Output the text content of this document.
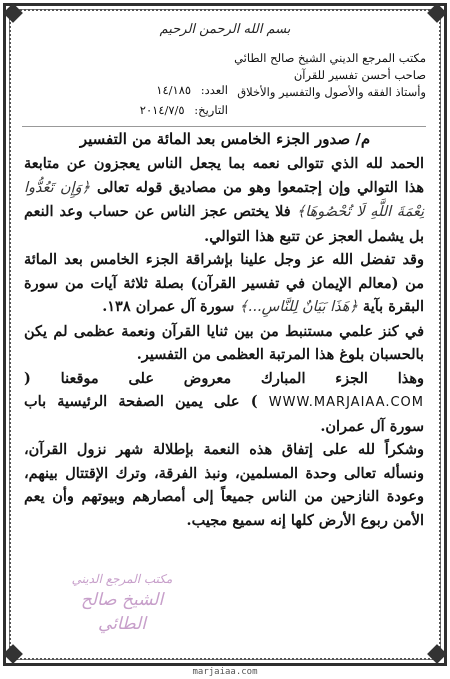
بسم الله الرحمن الرحيم
مكتب المرجع الديني الشيخ صالح الطائي
صاحب أحسن تفسير للقرآن
وأستاذ الفقه والأصول والتفسير والأخلاق
العدد: ١٤/١٨٥
التاريخ: ٢٠١٤/٧/٥
م/ صدور الجزء الخامس بعد المائة من التفسير

الحمد لله الذي تتوالى نعمه بما يجعل الناس يعجزون عن متابعة هذا التوالي وإن إجتمعوا وهو من مصاديق قوله تعالى ﴿وَإِن تَعُدُّوا نِعْمَةَ اللَّهِ لَا تُحْصُوهَا﴾ فلا يختص عجز الناس عن حساب وعد النعم بل يشمل العجز عن تتبع هذا التوالي.

وقد تفضل الله عز وجل علينا بإشراقة الجزء الخامس بعد المائة من (معالم الإيمان في تفسير القرآن) بصلة ثلاثة آيات من سورة البقرة بآية ﴿هَذَا بَيَانٌ لِلنَّاسِ...﴾ سورة آل عمران ١٣٨.

في كنز علمي مستنبط من بين ثنايا القرآن ونعمة عظمى لم يكن بالحسبان بلوغ هذا المرتبة العظمى من التفسير.

وهذا الجزء المبارك معروض على موقعنا ( WWW.MARJAIAA.COM ) على يمين الصفحة الرئيسية باب سورة آل عمران.

وشكراً لله على إتفاق هذه النعمة بإطلالة شهر نزول القرآن، ونسأله تعالى وحدة المسلمين، ونبذ الفرقة، وترك الإقتتال بينهم، وعودة النازحين من الناس جميعاً إلى أمصارهم وبيوتهم وأن يعم الأمن ربوع الأرض كلها إنه سميع مجيب.

مكتب المرجع الديني
الشيخ صالح الطائي
marjaiaa.com
